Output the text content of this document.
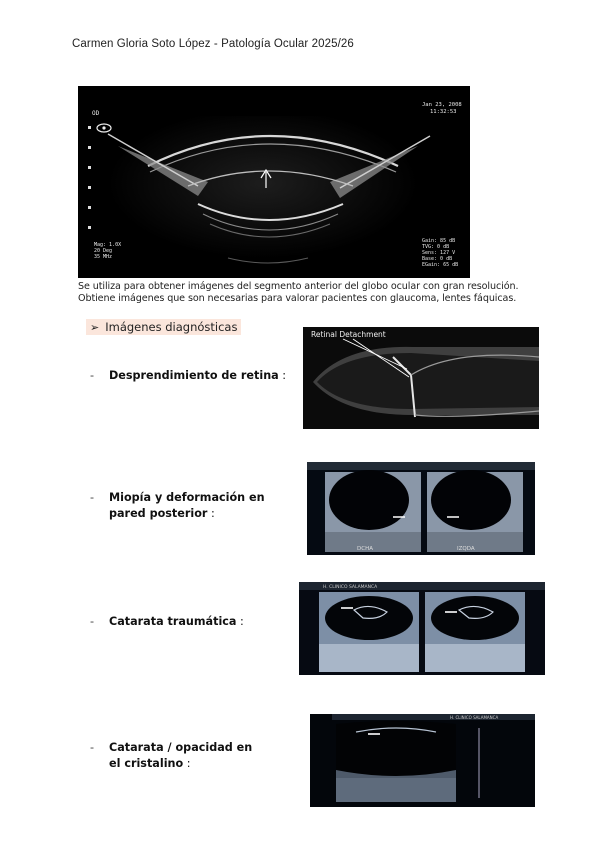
Carmen Gloria Soto López - Patología Ocular 2025/26
OD
Jan 23, 2008
11:32:53
Mag: 1.0X
20 Deg
35 MHz
Gain: 85 dB
TVG: 0 dB
Sens: 127 V
Base: 0 dB
EGain: 65 dB
Se utiliza para obtener imágenes del segmento anterior del globo ocular con gran resolución. Obtiene imágenes que son necesarias para valorar pacientes con glaucoma, lentes fáquicas.
➢ Imágenes diagnósticas
- Desprendimiento de retina :
- Miopía y deformación en pared posterior :
- Catarata traumática :
- Catarata / opacidad en el cristalino :
Retinal Detachment
DCHA	IZQDA
H. CLINICO SALAMANCA
H. CLINICO SALAMANCA
